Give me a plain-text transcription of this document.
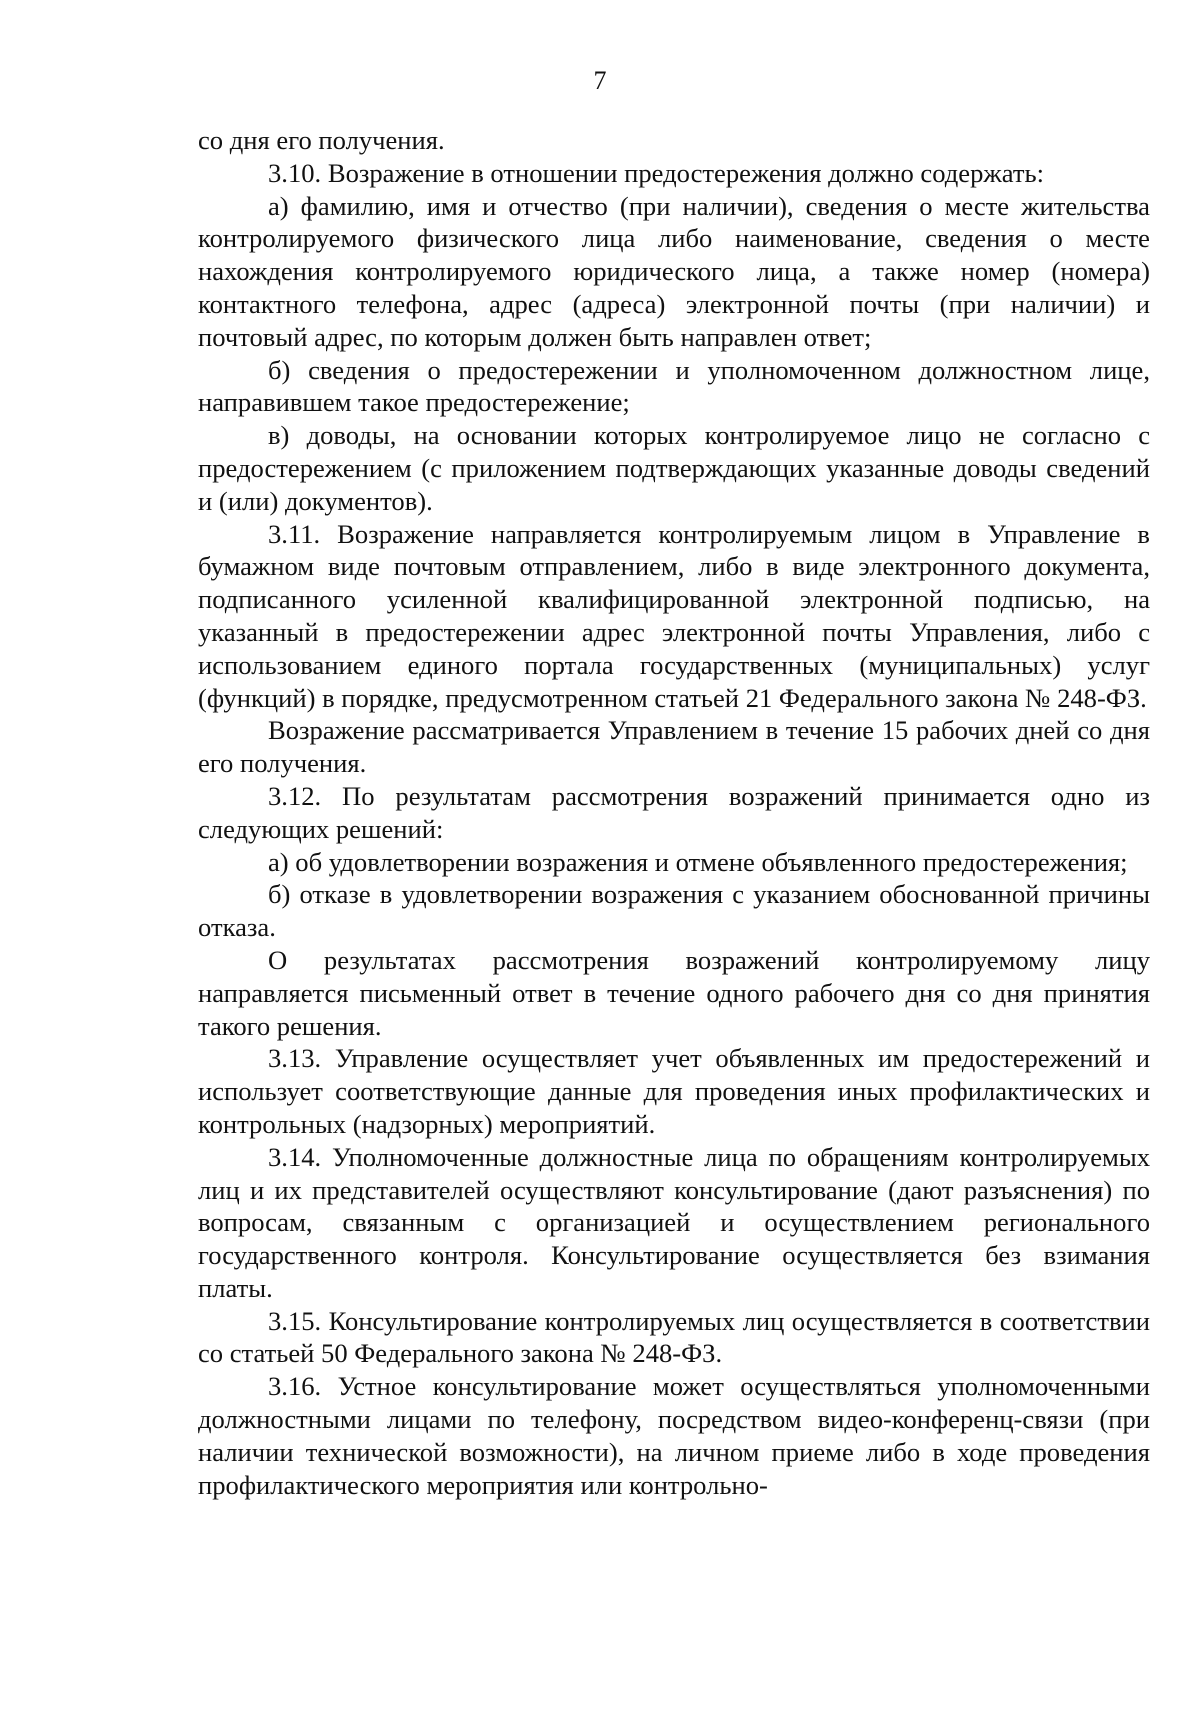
7

со дня его получения.

3.10. Возражение в отношении предостережения должно содержать:

а) фамилию, имя и отчество (при наличии), сведения о месте жительства контролируемого физического лица либо наименование, сведения о месте нахождения контролируемого юридического лица, а также номер (номера) контактного телефона, адрес (адреса) электронной почты (при наличии) и почтовый адрес, по которым должен быть направлен ответ;

б) сведения о предостережении и уполномоченном должностном лице, направившем такое предостережение;

в) доводы, на основании которых контролируемое лицо не согласно с предостережением (с приложением подтверждающих указанные доводы сведений и (или) документов).

3.11. Возражение направляется контролируемым лицом в Управление в бумажном виде почтовым отправлением, либо в виде электронного документа, подписанного усиленной квалифицированной электронной подписью, на указанный в предостережении адрес электронной почты Управления, либо с использованием единого портала государственных (муниципальных) услуг (функций) в порядке, предусмотренном статьей 21 Федерального закона № 248-ФЗ.

Возражение рассматривается Управлением в течение 15 рабочих дней со дня его получения.

3.12. По результатам рассмотрения возражений принимается одно из следующих решений:

а) об удовлетворении возражения и отмене объявленного предостережения;

б) отказе в удовлетворении возражения с указанием обоснованной причины отказа.

О результатах рассмотрения возражений контролируемому лицу направляется письменный ответ в течение одного рабочего дня со дня принятия такого решения.

3.13. Управление осуществляет учет объявленных им предостережений и использует соответствующие данные для проведения иных профилактических и контрольных (надзорных) мероприятий.

3.14. Уполномоченные должностные лица по обращениям контролируемых лиц и их представителей осуществляют консультирование (дают разъяснения) по вопросам, связанным с организацией и осуществлением регионального государственного контроля. Консультирование осуществляется без взимания платы.

3.15. Консультирование контролируемых лиц осуществляется в соответствии со статьей 50 Федерального закона № 248-ФЗ.

3.16. Устное консультирование может осуществляться уполномоченными должностными лицами по телефону, посредством видео-конференц-связи (при наличии технической возможности), на личном приеме либо в ходе проведения профилактического мероприятия или контрольно-
